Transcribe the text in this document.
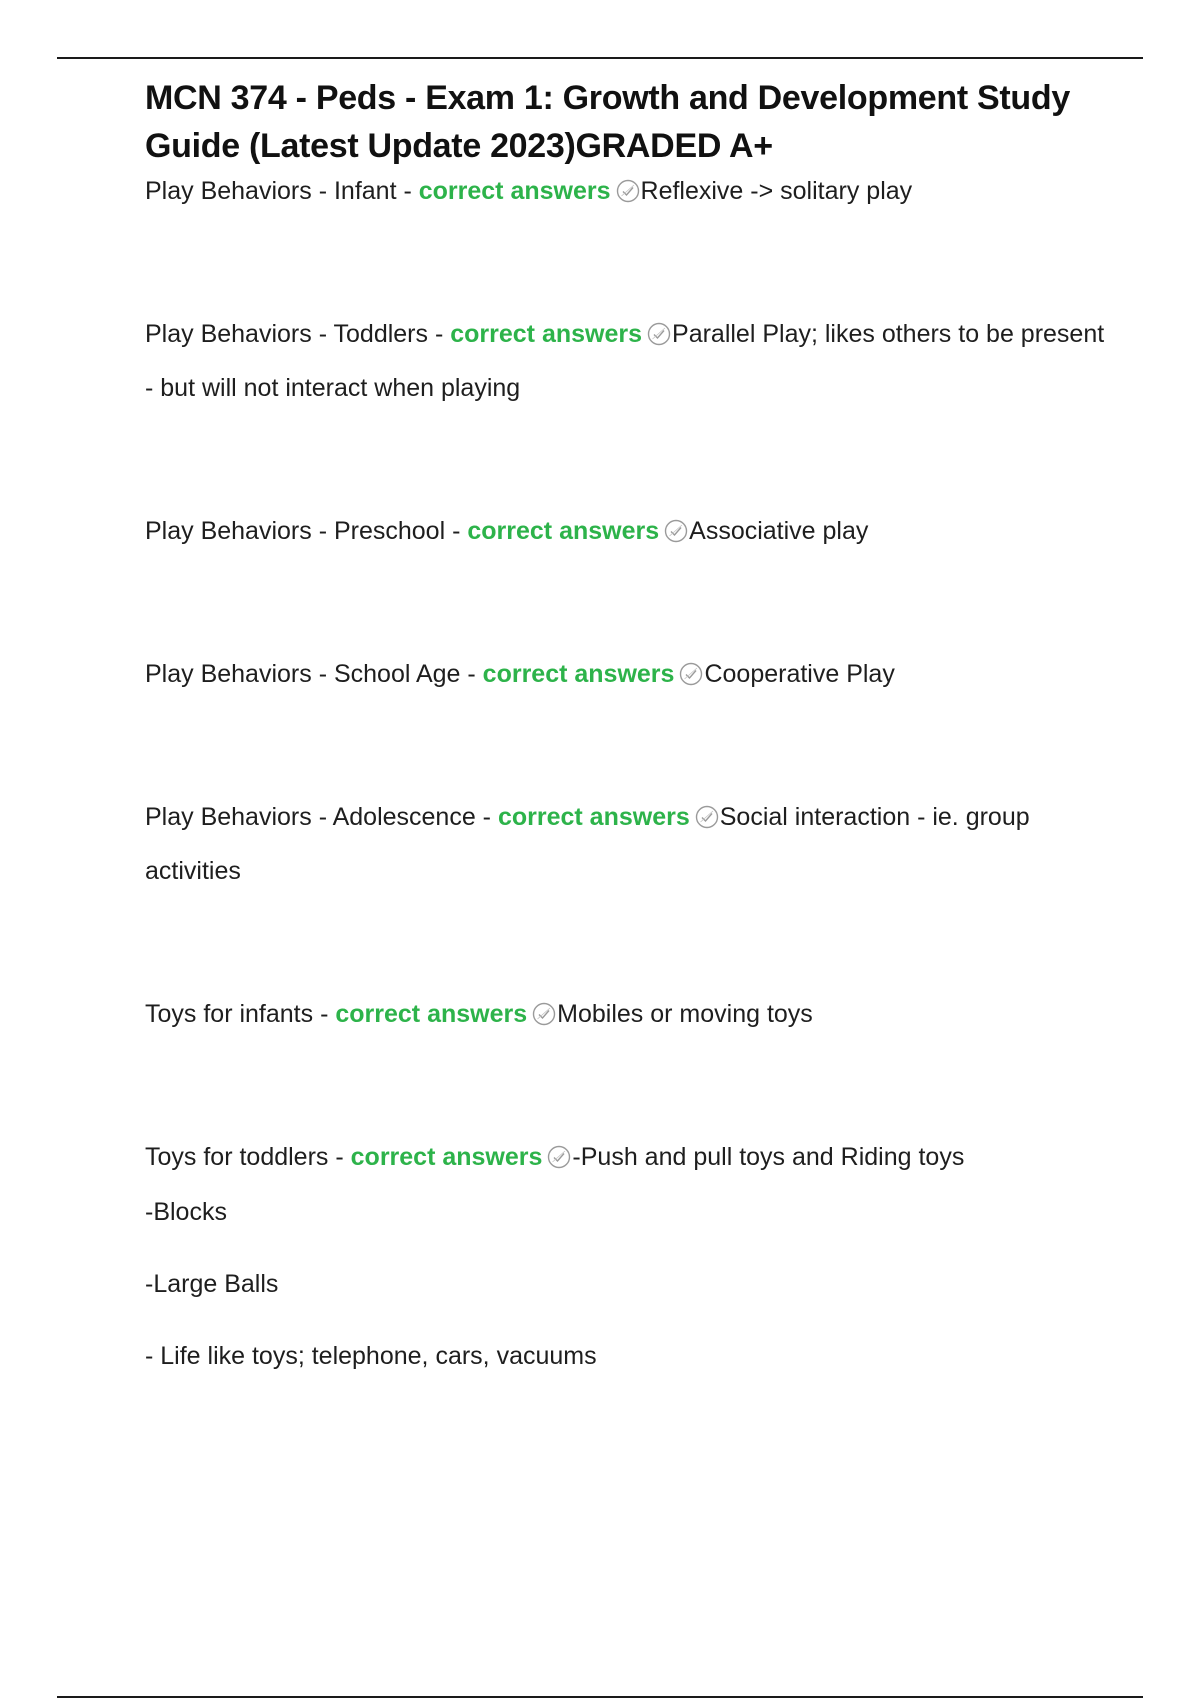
MCN 374 - Peds - Exam 1: Growth and Development Study Guide (Latest Update 2023)GRADED A+

Play Behaviors - Infant - correct answers Reflexive -> solitary play

Play Behaviors - Toddlers - correct answers Parallel Play; likes others to be present - but will not interact when playing

Play Behaviors - Preschool - correct answers Associative play

Play Behaviors - School Age - correct answers Cooperative Play

Play Behaviors - Adolescence - correct answers Social interaction - ie. group activities

Toys for infants - correct answers Mobiles or moving toys

Toys for toddlers - correct answers -Push and pull toys and Riding toys

-Blocks

-Large Balls

- Life like toys; telephone, cars, vacuums
